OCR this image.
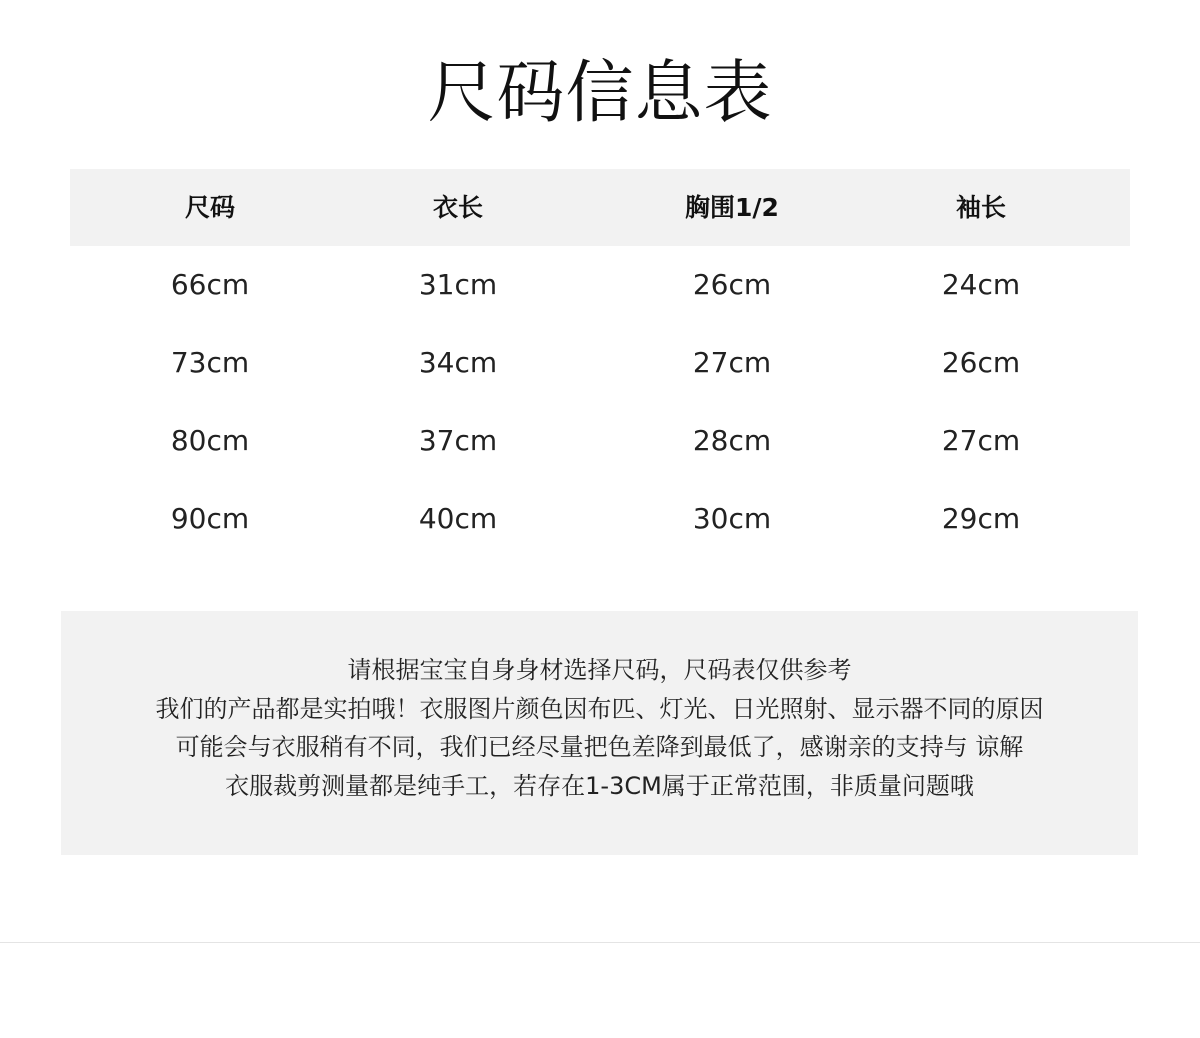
尺码信息表
尺码	衣长	胸围1/2	袖长
66cm	31cm	26cm	24cm
73cm	34cm	27cm	26cm
80cm	37cm	28cm	27cm
90cm	40cm	30cm	29cm
请根据宝宝自身身材选择尺码，尺码表仅供参考
我们的产品都是实拍哦！衣服图片颜色因布匹、灯光、日光照射、显示器不同的原因
可能会与衣服稍有不同，我们已经尽量把色差降到最低了，感谢亲的支持与 谅解
衣服裁剪测量都是纯手工，若存在1-3CM属于正常范围，非质量问题哦
